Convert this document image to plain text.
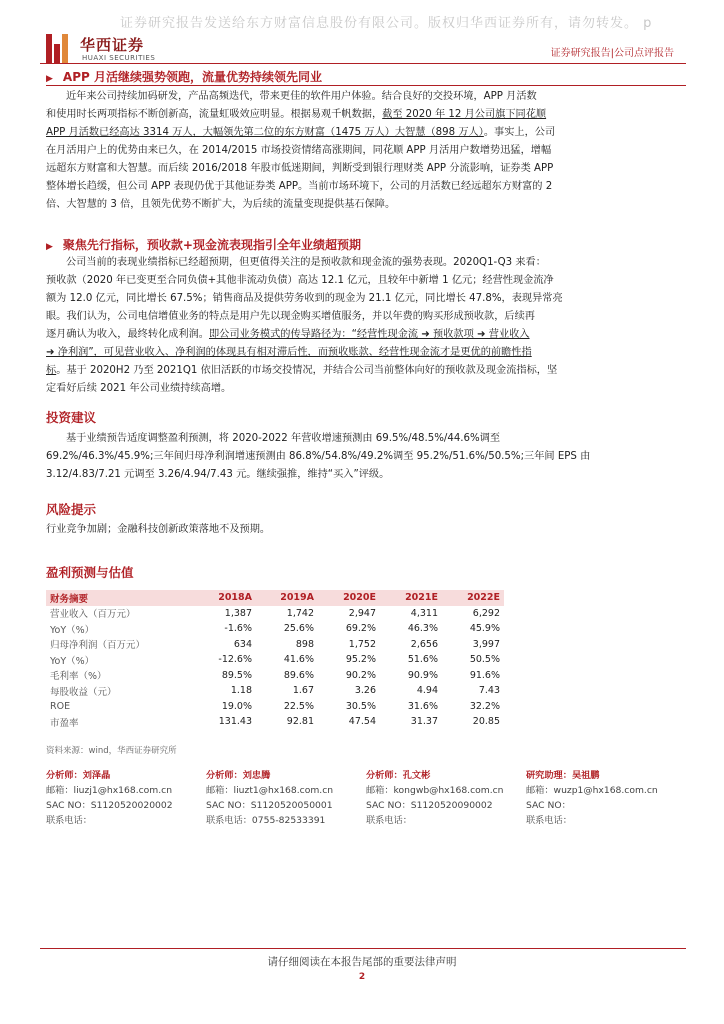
证券研究报告发送给东方财富信息股份有限公司。版权归华西证券所有，请勿转发。 p
华西证券
HUAXI SECURITIES	证券研究报告|公司点评报告
▶ APP 月活继续强势领跑，流量优势持续领先同业
近年来公司持续加码研发，产品高频迭代，带来更佳的软件用户体验。结合良好的交投环境，APP 月活数
和使用时长两项指标不断创新高，流量虹吸效应明显。根据易观千帆数据，截至 2020 年 12 月公司旗下同花顺
APP 月活数已经高达 3314 万人，大幅领先第二位的东方财富（1475 万人）大智慧（898 万人）。事实上，公司
在月活用户上的优势由来已久，在 2014/2015 市场投资情绪高涨期间，同花顺 APP 月活用户数增势迅猛，增幅
远超东方财富和大智慧。而后续 2016/2018 年股市低迷期间，判断受到银行理财类 APP 分流影响，证券类 APP
整体增长趋缓，但公司 APP 表现仍优于其他证券类 APP。当前市场环境下，公司的月活数已经远超东方财富的 2
倍、大智慧的 3 倍，且领先优势不断扩大，为后续的流量变现提供基石保障。
▶ 聚焦先行指标，预收款+现金流表现指引全年业绩超预期
公司当前的表现业绩指标已经超预期，但更值得关注的是预收款和现金流的强势表现。2020Q1-Q3 来看：
预收款（2020 年已变更至合同负债+其他非流动负债）高达 12.1 亿元，且较年中新增 1 亿元；经营性现金流净
额为 12.0 亿元，同比增长 67.5%；销售商品及提供劳务收到的现金为 21.1 亿元，同比增长 47.8%，表现异常亮
眼。我们认为，公司电信增值业务的特点是用户先以现金购买增值服务，并以年费的购买形成预收款，后续再
逐月确认为收入，最终转化成利润。即公司业务模式的传导路径为：“经营性现金流 ➜ 预收款项 ➜ 营业收入
➜ 净利润”，可见营业收入、净利润的体现具有相对滞后性，而预收账款、经营性现金流才是更优的前瞻性指
标。基于 2020H2 乃至 2021Q1 依旧活跃的市场交投情况，并结合公司当前整体向好的预收款及现金流指标，坚
定看好后续 2021 年公司业绩持续高增。
投资建议
基于业绩预告适度调整盈利预测，将 2020-2022 年营收增速预测由 69.5%/48.5%/44.6%调至
69.2%/46.3%/45.9%;三年间归母净利润增速预测由 86.8%/54.8%/49.2%调至 95.2%/51.6%/50.5%;三年间 EPS 由
3.12/4.83/7.21 元调至 3.26/4.94/7.43 元。继续强推，维持“买入”评级。
风险提示
行业竞争加剧；金融科技创新政策落地不及预期。
盈利预测与估值
财务摘要	2018A	2019A	2020E	2021E	2022E
营业收入（百万元）	1,387	1,742	2,947	4,311	6,292
YoY（%）	-1.6%	25.6%	69.2%	46.3%	45.9%
归母净利润（百万元）	634	898	1,752	2,656	3,997
YoY（%）	-12.6%	41.6%	95.2%	51.6%	50.5%
毛利率（%）	89.5%	89.6%	90.2%	90.9%	91.6%
每股收益（元）	1.18	1.67	3.26	4.94	7.43
ROE	19.0%	22.5%	30.5%	31.6%	32.2%
市盈率	131.43	92.81	47.54	31.37	20.85
资料来源：wind，华西证券研究所
分析师：刘泽晶
邮箱：liuzj1@hx168.com.cn
SAC NO：S1120520020002
联系电话：
分析师：刘忠腾
邮箱：liuzt1@hx168.com.cn
SAC NO：S1120520050001
联系电话：0755-82533391
分析师：孔文彬
邮箱：kongwb@hx168.com.cn
SAC NO：S1120520090002
联系电话：
研究助理：吴祖鹏
邮箱：wuzp1@hx168.com.cn
SAC NO：
联系电话：
请仔细阅读在本报告尾部的重要法律声明
2
